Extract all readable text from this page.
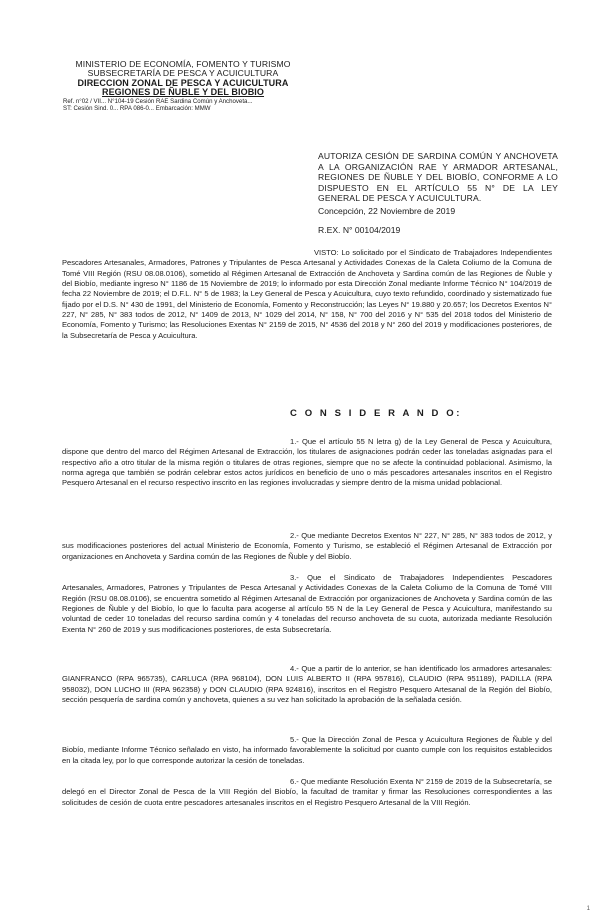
MINISTERIO DE ECONOMÍA, FOMENTO Y TURISMO
SUBSECRETARÍA DE PESCA Y ACUICULTURA
DIRECCION ZONAL DE PESCA Y ACUICULTURA
REGIONES DE ÑUBLE Y DEL BIOBIO
Ref. n°02 / VII... N°104-19 Cesión RAE Sardina Común y Anchoveta...
ST: Cesión Sind. 0... RPA 086-0... Embarcación: MMW
AUTORIZA CESIÓN DE SARDINA COMÚN Y ANCHOVETA A LA ORGANIZACIÓN RAE Y ARMADOR ARTESANAL, REGIONES DE ÑUBLE Y DEL BIOBÍO, CONFORME A LO DISPUESTO EN EL ARTÍCULO 55 N° DE LA LEY GENERAL DE PESCA Y ACUICULTURA.
Concepción, 22 Noviembre de 2019
R.EX. N° 00104/2019
VISTO: Lo solicitado por el Sindicato de Trabajadores Independientes Pescadores Artesanales, Armadores, Patrones y Tripulantes de Pesca Artesanal y Actividades Conexas de la Caleta Coliumo de la Comuna de Tomé VIII Región (RSU 08.08.0106), sometido al Régimen Artesanal de Extracción de Anchoveta y Sardina común de las Regiones de Ñuble y del Biobío, mediante ingreso N° 1186 de 15 Noviembre de 2019; lo informado por esta Dirección Zonal mediante Informe Técnico N° 104/2019 de fecha 22 Noviembre de 2019; el D.F.L. N° 5 de 1983; la Ley General de Pesca y Acuicultura, cuyo texto refundido, coordinado y sistematizado fue fijado por el D.S. N° 430 de 1991, del Ministerio de Economía, Fomento y Reconstrucción; las Leyes N° 19.880 y 20.657; los Decretos Exentos N° 227, N° 285, N° 383 todos de 2012, N° 1409 de 2013, N° 1029 del 2014, N° 158, N° 700 del 2016 y N° 535 del 2018 todos del Ministerio de Economía, Fomento y Turismo; las Resoluciones Exentas N° 2159 de 2015, N° 4536 del 2018 y N° 260 del 2019 y modificaciones posteriores, de la Subsecretaría de Pesca y Acuicultura.
C O N S I D E R A N D O:
1.- Que el artículo 55 N letra g) de la Ley General de Pesca y Acuicultura, dispone que dentro del marco del Régimen Artesanal de Extracción, los titulares de asignaciones podrán ceder las toneladas asignadas para el respectivo año a otro titular de la misma región o titulares de otras regiones, siempre que no se afecte la continuidad poblacional. Asimismo, la norma agrega que también se podrán celebrar estos actos jurídicos en beneficio de uno o más pescadores artesanales inscritos en el Registro Pesquero Artesanal en el recurso respectivo inscrito en las regiones involucradas y siempre dentro de la misma unidad poblacional.
2.- Que mediante Decretos Exentos N° 227, N° 285, N° 383 todos de 2012, y sus modificaciones posteriores del actual Ministerio de Economía, Fomento y Turismo, se estableció el Régimen Artesanal de Extracción por organizaciones en Anchoveta y Sardina común de las Regiones de Ñuble y del Biobío.
3.- Que el Sindicato de Trabajadores Independientes Pescadores Artesanales, Armadores, Patrones y Tripulantes de Pesca Artesanal y Actividades Conexas de la Caleta Coliumo de la Comuna de Tomé VIII Región (RSU 08.08.0106), se encuentra sometido al Régimen Artesanal de Extracción por organizaciones de Anchoveta y Sardina común de las Regiones de Ñuble y del Biobío, lo que lo faculta para acogerse al artículo 55 N de la Ley General de Pesca y Acuicultura, manifestando su voluntad de ceder 10 toneladas del recurso sardina común y 4 toneladas del recurso anchoveta de su cuota, autorizada mediante Resolución Exenta N° 260 de 2019 y sus modificaciones posteriores, de esta Subsecretaría.
4.- Que a partir de lo anterior, se han identificado los armadores artesanales: GIANFRANCO (RPA 965735), CARLUCA (RPA 968104), DON LUIS ALBERTO II (RPA 957816), CLAUDIO (RPA 951189), PADILLA (RPA 958032), DON LUCHO III (RPA 962358) y DON CLAUDIO (RPA 924816), inscritos en el Registro Pesquero Artesanal de la Región del Biobío, sección pesquería de sardina común y anchoveta, quienes a su vez han solicitado la aprobación de la señalada cesión.
5.- Que la Dirección Zonal de Pesca y Acuicultura Regiones de Ñuble y del Biobío, mediante Informe Técnico señalado en visto, ha informado favorablemente la solicitud por cuanto cumple con los requisitos establecidos en la citada ley, por lo que corresponde autorizar la cesión de toneladas.
6.- Que mediante Resolución Exenta N° 2159 de 2019 de la Subsecretaría, se delegó en el Director Zonal de Pesca de la VIII Región del Biobío, la facultad de tramitar y firmar las Resoluciones correspondientes a las solicitudes de cesión de cuota entre pescadores artesanales inscritos en el Registro Pesquero Artesanal de la VIII Región.
1
